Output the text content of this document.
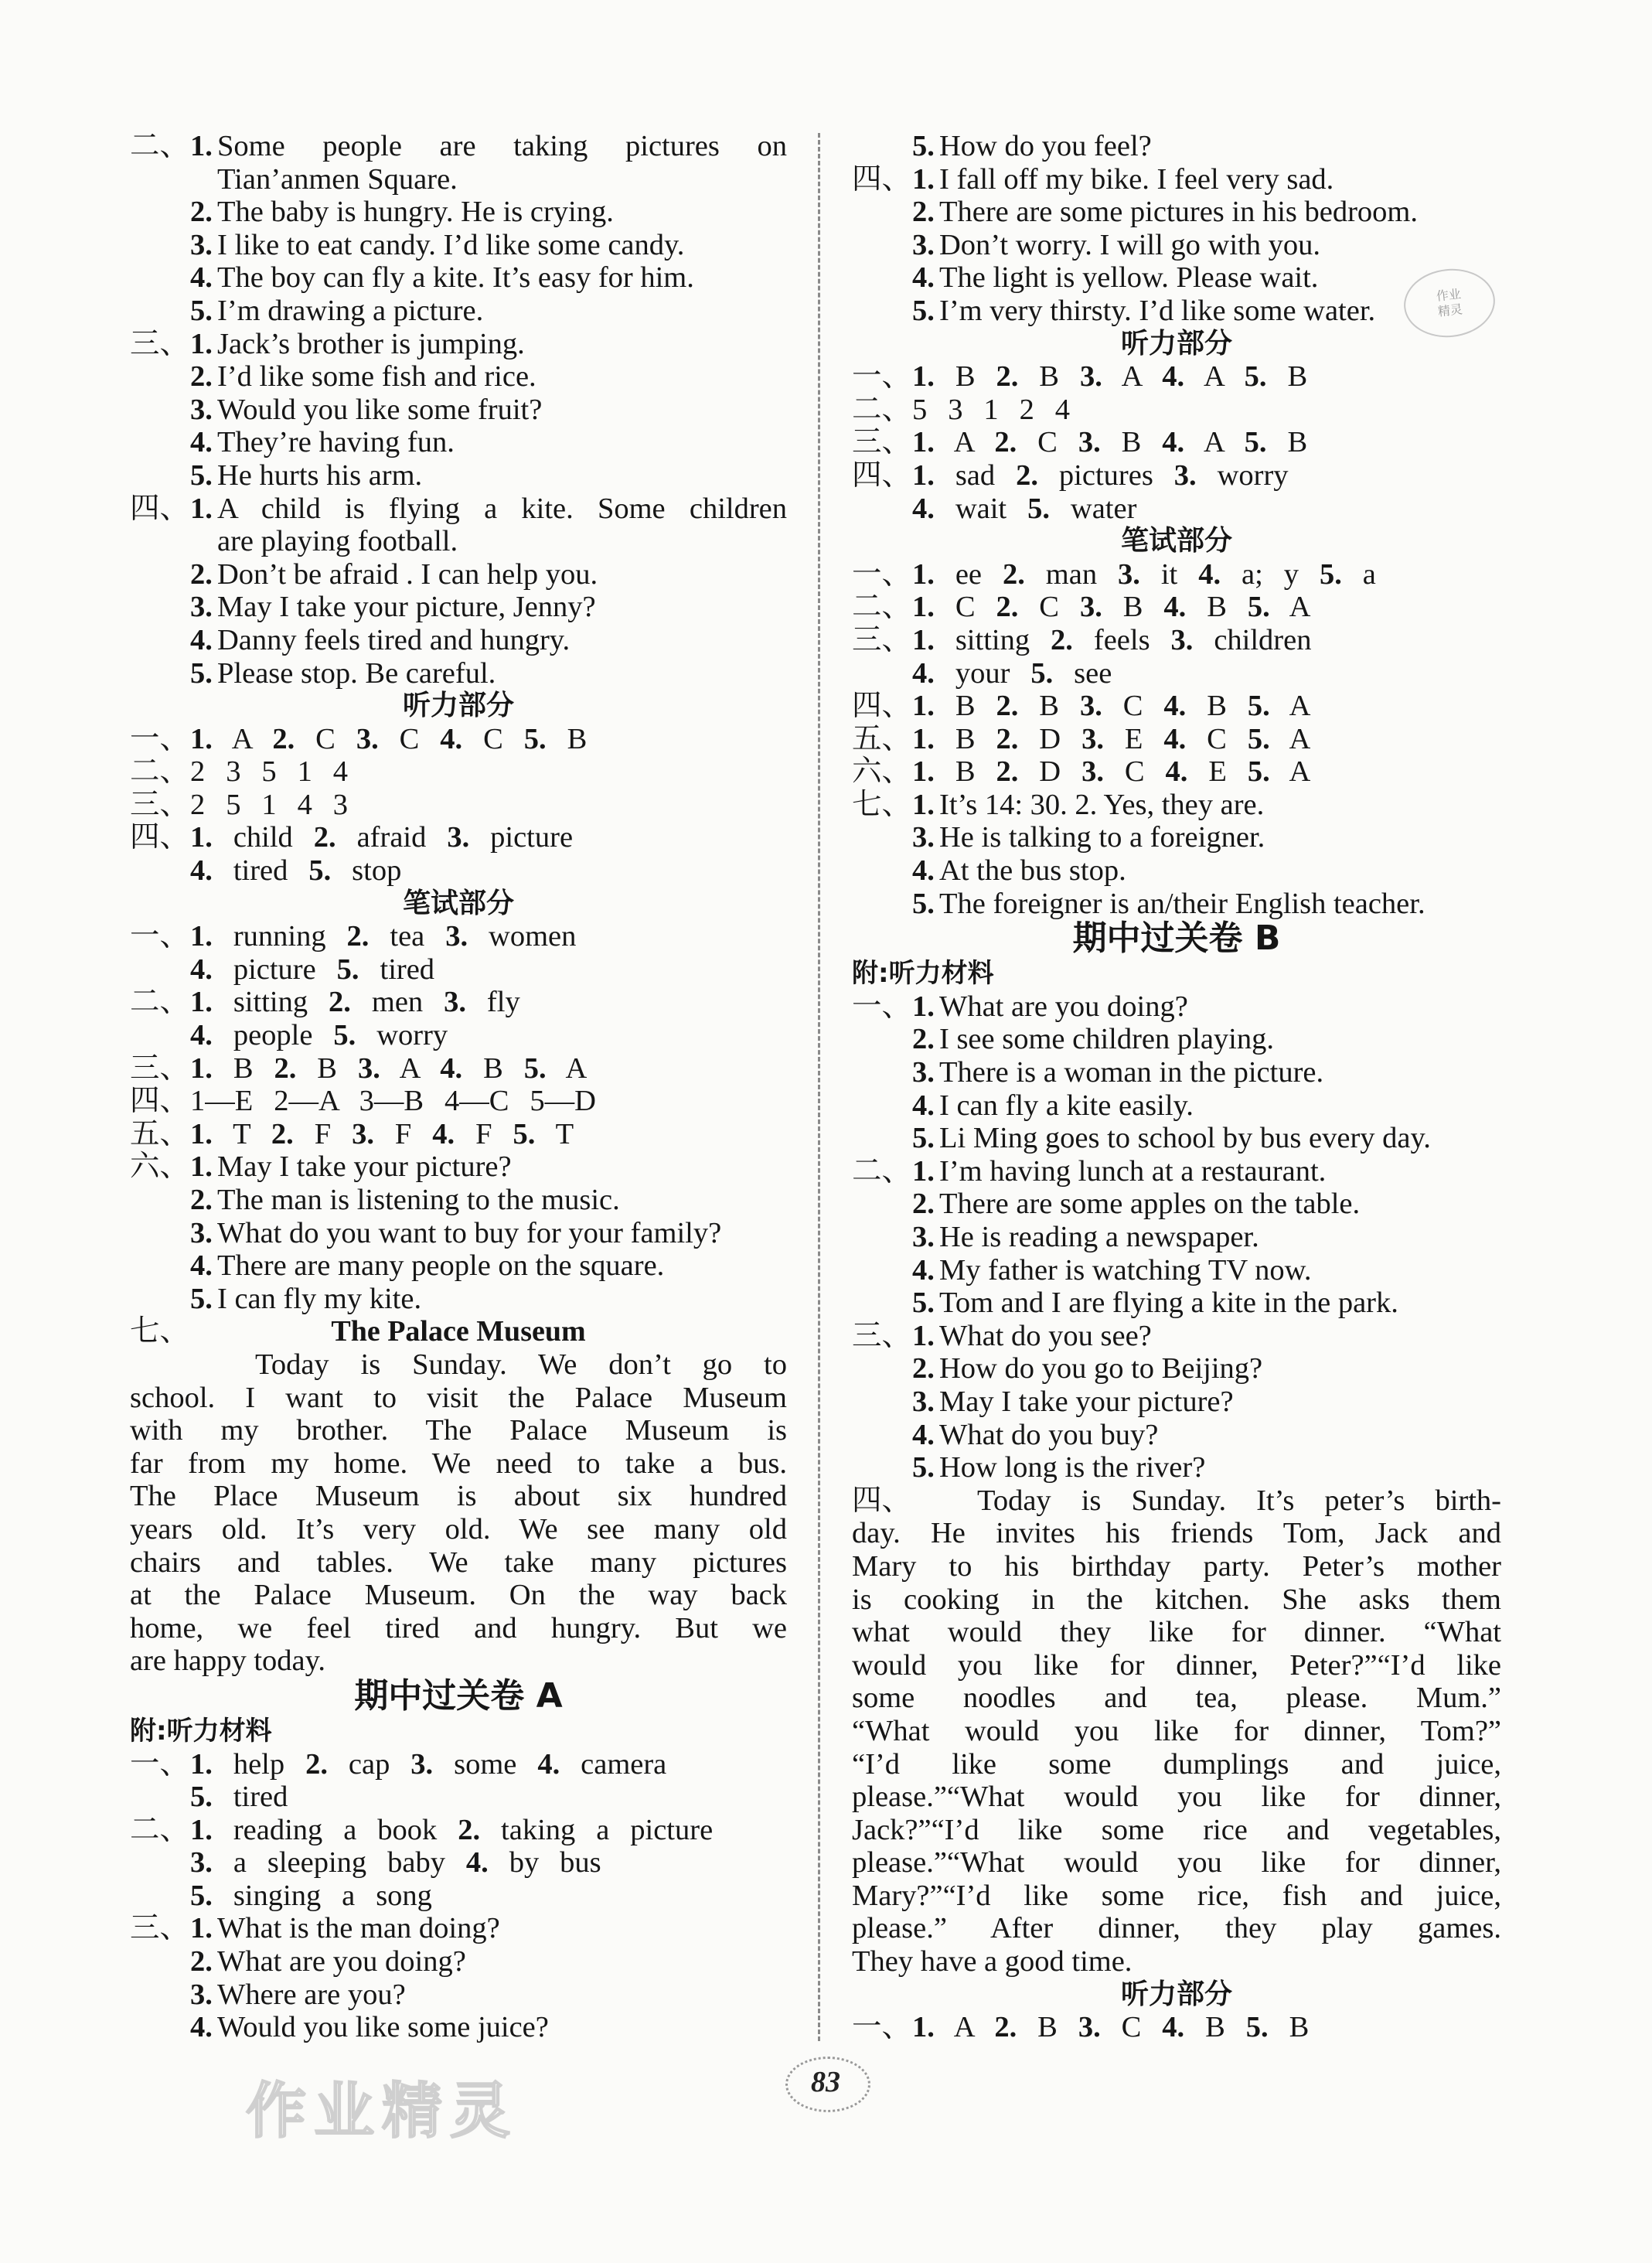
二、 1. Some people are taking pictures on
Tian’anmen Square.
2. The baby is hungry. He is crying.
3. I like to eat candy. I’d like some candy.
4. The boy can fly a kite. It’s easy for him.
5. I’m drawing a picture.
三、 1. Jack’s brother is jumping.
2. I’d like some fish and rice.
3. Would you like some fruit?
4. They’re having fun.
5. He hurts his arm.
四、 1. A child is flying a kite. Some children
are playing football.
2. Don’t be afraid . I can help you.
3. May I take your picture, Jenny?
4. Danny feels tired and hungry.
5. Please stop. Be careful.
听力部分
一、 1. A 2. C 3. C 4. C 5. B
二、 2 3 5 1 4
三、 2 5 1 4 3
四、 1. child 2. afraid 3. picture
4. tired 5. stop
笔试部分
一、 1. running 2. tea 3. women
4. picture 5. tired
二、 1. sitting 2. men 3. fly
4. people 5. worry
三、 1. B 2. B 3. A 4. B 5. A
四、 1—E 2—A 3—B 4—C 5—D
五、 1. T 2. F 3. F 4. F 5. T
六、 1. May I take your picture?
2. The man is listening to the music.
3. What do you want to buy for your family?
4. There are many people on the square.
5. I can fly my kite.
七、	The Palace Museum
Today is Sunday. We don’t go to
school. I want to visit the Palace Museum
with my brother. The Palace Museum is
far from my home. We need to take a bus.
The Place Museum is about six hundred
years old. It’s very old. We see many old
chairs and tables. We take many pictures
at the Palace Museum. On the way back
home, we feel tired and hungry. But we
are happy today.
期中过关卷 A
附:听力材料
一、 1. help 2. cap 3. some 4. camera
5. tired
二、 1. reading a book 2. taking a picture
3. a sleeping baby 4. by bus
5. singing a song
三、 1. What is the man doing?
2. What are you doing?
3. Where are you?
4. Would you like some juice?
5. How do you feel?
四、 1. I fall off my bike. I feel very sad.
2. There are some pictures in his bedroom.
3. Don’t worry. I will go with you.
4. The light is yellow. Please wait.
5. I’m very thirsty. I’d like some water.
听力部分
一、 1. B 2. B 3. A 4. A 5. B
二、 5 3 1 2 4
三、 1. A 2. C 3. B 4. A 5. B
四、 1. sad 2. pictures 3. worry
4. wait 5. water
笔试部分
一、 1. ee 2. man 3. it 4. a; y 5. a
二、 1. C 2. C 3. B 4. B 5. A
三、 1. sitting 2. feels 3. children
4. your 5. see
四、 1. B 2. B 3. C 4. B 5. A
五、 1. B 2. D 3. E 4. C 5. A
六、 1. B 2. D 3. C 4. E 5. A
七、 1. It’s 14: 30. 2. Yes, they are.
3. He is talking to a foreigner.
4. At the bus stop.
5. The foreigner is an/their English teacher.
期中过关卷 B
附:听力材料
一、 1. What are you doing?
2. I see some children playing.
3. There is a woman in the picture.
4. I can fly a kite easily.
5. Li Ming goes to school by bus every day.
二、 1. I’m having lunch at a restaurant.
2. There are some apples on the table.
3. He is reading a newspaper.
4. My father is watching TV now.
5. Tom and I are flying a kite in the park.
三、 1. What do you see?
2. How do you go to Beijing?
3. May I take your picture?
4. What do you buy?
5. How long is the river?
四、	Today is Sunday. It’s peter’s birth-
day. He invites his friends Tom, Jack and
Mary to his birthday party. Peter’s mother
is cooking in the kitchen. She asks them
what would they like for dinner. “What
would you like for dinner, Peter?”“I’d like
some noodles and tea, please. Mum.”
“What would you like for dinner, Tom?”
“I’d like some dumplings and juice,
please.”“What would you like for dinner,
Jack?”“I’d like some rice and vegetables,
please.”“What would you like for dinner,
Mary?”“I’d like some rice, fish and juice,
please.” After dinner, they play games.
They have a good time.
听力部分
一、 1. A 2. B 3. C 4. B 5. B
83
作业精灵
作业
精灵
